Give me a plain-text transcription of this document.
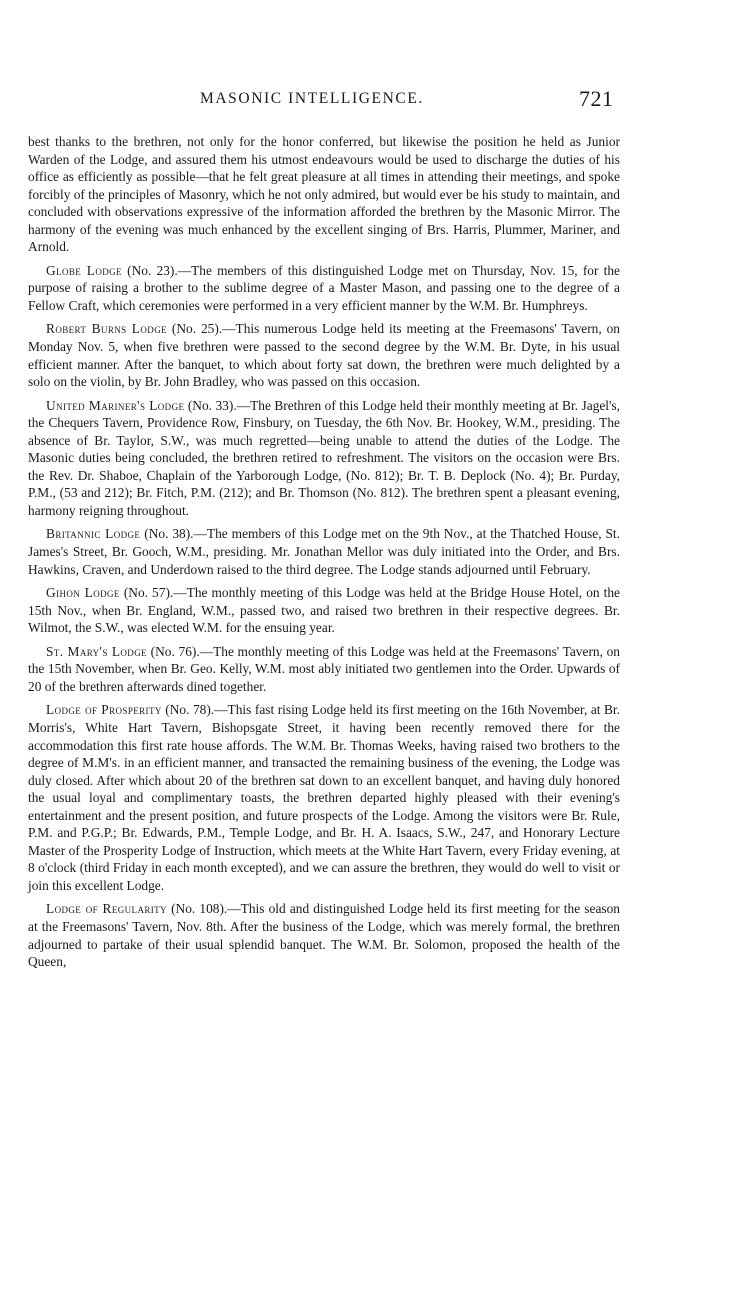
MASONIC INTELLIGENCE.	721

best thanks to the brethren, not only for the honor conferred, but likewise the position he held as Junior Warden of the Lodge, and assured them his utmost endeavours would be used to discharge the duties of his office as efficiently as possible—that he felt great pleasure at all times in attending their meetings, and spoke forcibly of the principles of Masonry, which he not only admired, but would ever be his study to maintain, and concluded with observations expressive of the information afforded the brethren by the Masonic Mirror. The harmony of the evening was much enhanced by the excellent singing of Brs. Harris, Plummer, Mariner, and Arnold.

Globe Lodge (No. 23).—The members of this distinguished Lodge met on Thursday, Nov. 15, for the purpose of raising a brother to the sublime degree of a Master Mason, and passing one to the degree of a Fellow Craft, which ceremonies were performed in a very efficient manner by the W.M. Br. Humphreys.

Robert Burns Lodge (No. 25).—This numerous Lodge held its meeting at the Freemasons' Tavern, on Monday Nov. 5, when five brethren were passed to the second degree by the W.M. Br. Dyte, in his usual efficient manner. After the banquet, to which about forty sat down, the brethren were much delighted by a solo on the violin, by Br. John Bradley, who was passed on this occasion.

United Mariner's Lodge (No. 33).—The Brethren of this Lodge held their monthly meeting at Br. Jagel's, the Chequers Tavern, Providence Row, Finsbury, on Tuesday, the 6th Nov. Br. Hookey, W.M., presiding. The absence of Br. Taylor, S.W., was much regretted—being unable to attend the duties of the Lodge. The Masonic duties being concluded, the brethren retired to refreshment. The visitors on the occasion were Brs. the Rev. Dr. Shaboe, Chaplain of the Yarborough Lodge, (No. 812); Br. T. B. Deplock (No. 4); Br. Purday, P.M., (53 and 212); Br. Fitch, P.M. (212); and Br. Thomson (No. 812). The brethren spent a pleasant evening, harmony reigning throughout.

Britannic Lodge (No. 38).—The members of this Lodge met on the 9th Nov., at the Thatched House, St. James's Street, Br. Gooch, W.M., presiding. Mr. Jonathan Mellor was duly initiated into the Order, and Brs. Hawkins, Craven, and Underdown raised to the third degree. The Lodge stands adjourned until February.

Gihon Lodge (No. 57).—The monthly meeting of this Lodge was held at the Bridge House Hotel, on the 15th Nov., when Br. England, W.M., passed two, and raised two brethren in their respective degrees. Br. Wilmot, the S.W., was elected W.M. for the ensuing year.

St. Mary's Lodge (No. 76).—The monthly meeting of this Lodge was held at the Freemasons' Tavern, on the 15th November, when Br. Geo. Kelly, W.M. most ably initiated two gentlemen into the Order. Upwards of 20 of the brethren afterwards dined together.

Lodge of Prosperity (No. 78).—This fast rising Lodge held its first meeting on the 16th November, at Br. Morris's, White Hart Tavern, Bishopsgate Street, it having been recently removed there for the accommodation this first rate house affords. The W.M. Br. Thomas Weeks, having raised two brothers to the degree of M.M's. in an efficient manner, and transacted the remaining business of the evening, the Lodge was duly closed. After which about 20 of the brethren sat down to an excellent banquet, and having duly honored the usual loyal and complimentary toasts, the brethren departed highly pleased with their evening's entertainment and the present position, and future prospects of the Lodge. Among the visitors were Br. Rule, P.M. and P.G.P.; Br. Edwards, P.M., Temple Lodge, and Br. H. A. Isaacs, S.W., 247, and Honorary Lecture Master of the Prosperity Lodge of Instruction, which meets at the White Hart Tavern, every Friday evening, at 8 o'clock (third Friday in each month excepted), and we can assure the brethren, they would do well to visit or join this excellent Lodge.

Lodge of Regularity (No. 108).—This old and distinguished Lodge held its first meeting for the season at the Freemasons' Tavern, Nov. 8th. After the business of the Lodge, which was merely formal, the brethren adjourned to partake of their usual splendid banquet. The W.M. Br. Solomon, proposed the health of the Queen,
